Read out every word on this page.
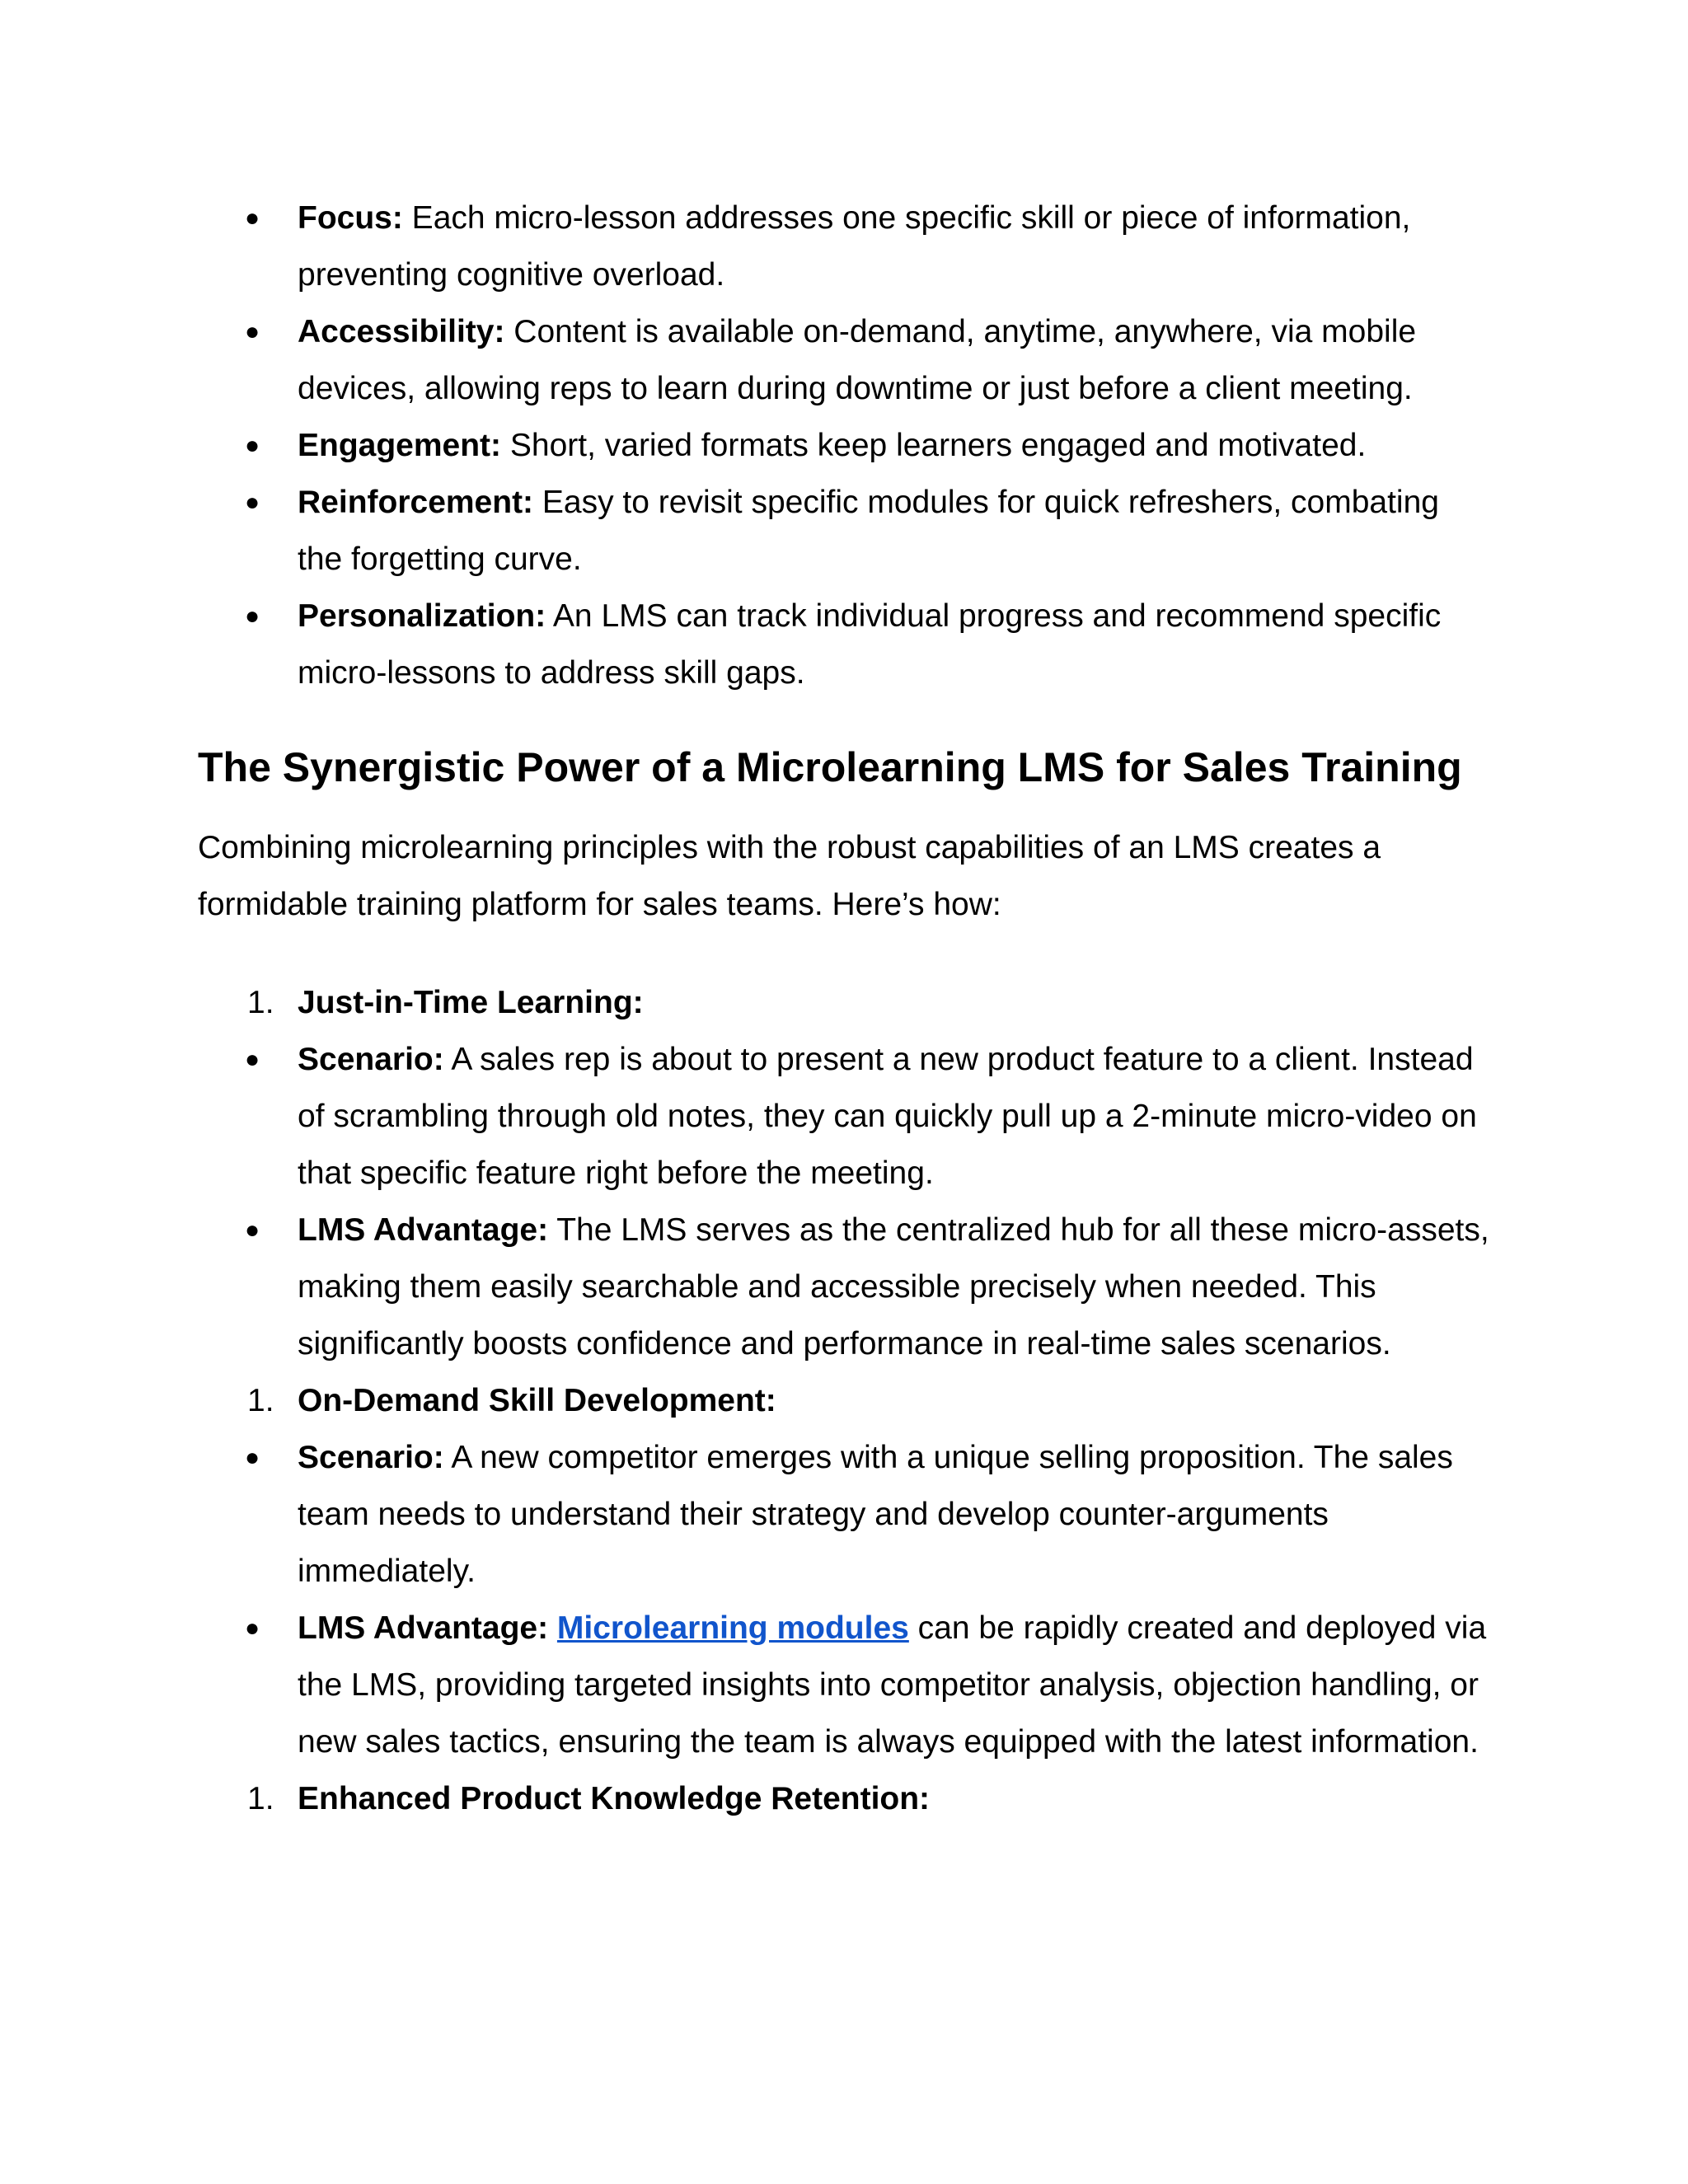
●	Focus: Each micro-lesson addresses one specific skill or piece of information, preventing cognitive overload.
●	Accessibility: Content is available on-demand, anytime, anywhere, via mobile devices, allowing reps to learn during downtime or just before a client meeting.
●	Engagement: Short, varied formats keep learners engaged and motivated.
●	Reinforcement: Easy to revisit specific modules for quick refreshers, combating the forgetting curve.
●	Personalization: An LMS can track individual progress and recommend specific micro-lessons to address skill gaps.
The Synergistic Power of a Microlearning LMS for Sales Training

Combining microlearning principles with the robust capabilities of an LMS creates a formidable training platform for sales teams. Here’s how:

1. Just-in-Time Learning:
●	Scenario: A sales rep is about to present a new product feature to a client. Instead of scrambling through old notes, they can quickly pull up a 2-minute micro-video on that specific feature right before the meeting.
●	LMS Advantage: The LMS serves as the centralized hub for all these micro-assets, making them easily searchable and accessible precisely when needed. This significantly boosts confidence and performance in real-time sales scenarios.
1. On-Demand Skill Development:
●	Scenario: A new competitor emerges with a unique selling proposition. The sales team needs to understand their strategy and develop counter-arguments immediately.
●	LMS Advantage: Microlearning modules can be rapidly created and deployed via the LMS, providing targeted insights into competitor analysis, objection handling, or new sales tactics, ensuring the team is always equipped with the latest information.
1. Enhanced Product Knowledge Retention:
